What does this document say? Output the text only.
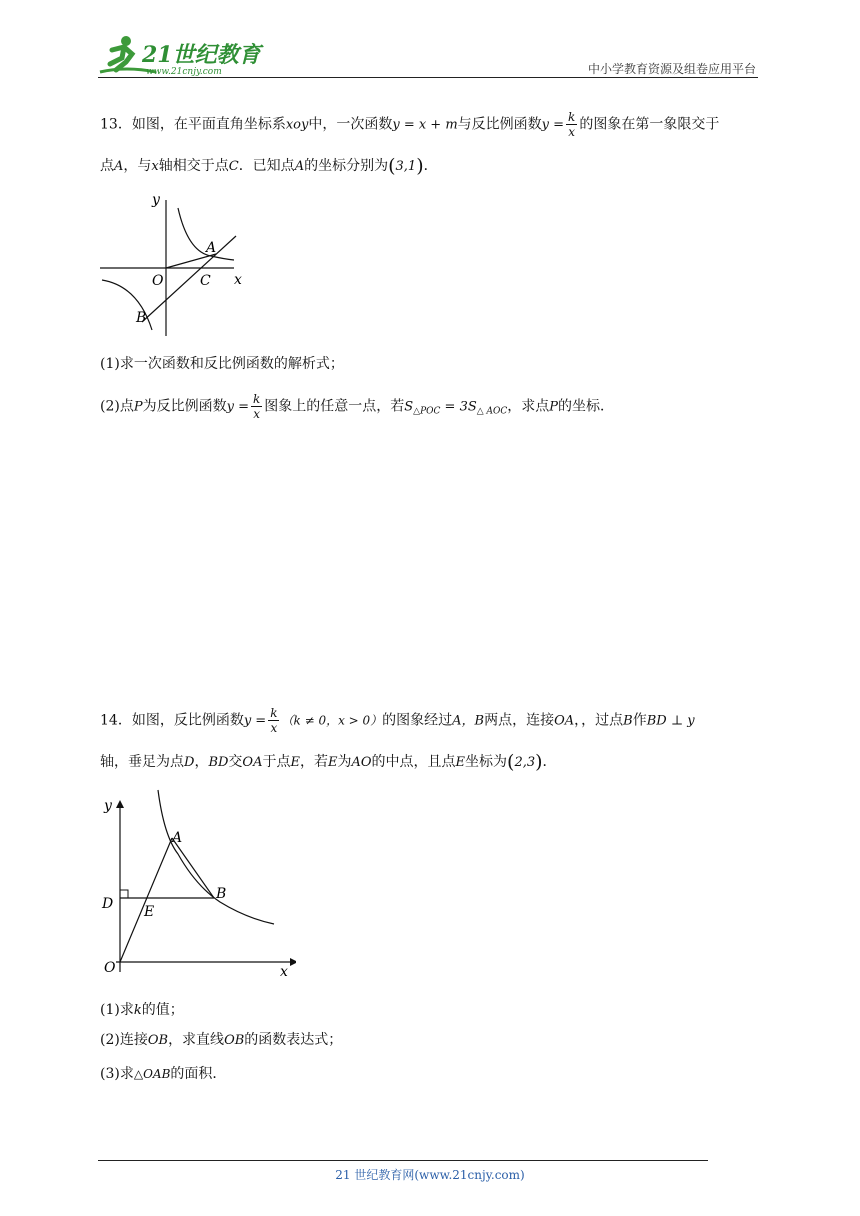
21世纪教育
www.21cnjy.com	中小学教育资源及组卷应用平台
13．如图，在平面直角坐标系xoy中，一次函数y = x + m与反比例函数$y = \frac{k}{x}$ 的图象在第一象限交于
点A，与x轴相交于点C．已知点A的坐标分别为(3,1)．
y
x
O
A
B
C
(1)求一次函数和反比例函数的解析式；
(2)点P为反比例函数$y = \frac{k}{x}$ 图象上的任意一点，若$S_{\triangle POC} = 3S_{\triangle AOC}$，求点P的坐标．
14．如图，反比例函数$y = \frac{k}{x} (k \ne 0$，x > 0）的图象经过A，B两点，连接OA，，过点B作BD ⊥ y
轴，垂足为点D，BD交OA于点E，若E为AO的中点，且点E坐标为(2,3)．
y
x
O
A
B
D E
(1)求k的值；
(2)连接OB，求直线OB的函数表达式；
(3)求△OAB的面积．
21 世纪教育网(www.21cnjy.com)
